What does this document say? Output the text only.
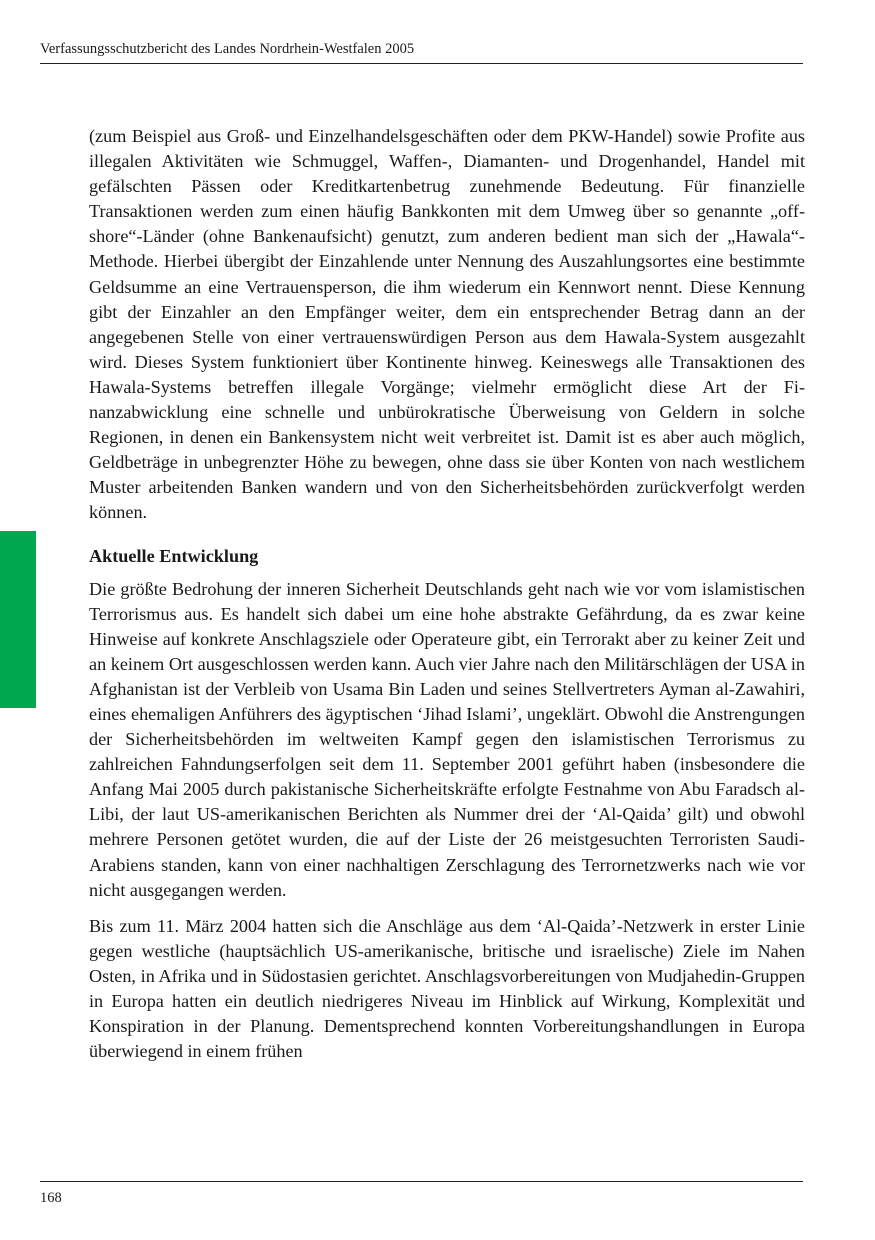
Verfassungsschutzbericht des Landes Nordrhein-Westfalen 2005

(zum Beispiel aus Groß- und Einzelhandelsgeschäften oder dem PKW-Handel) sowie Profite aus illegalen Aktivitäten wie Schmuggel, Waffen-, Diamanten- und Drogenhandel, Handel mit gefälschten Pässen oder Kreditkartenbetrug zunehmende Bedeutung. Für finanzielle Transaktionen werden zum einen häufig Bankkonten mit dem Umweg über so genannte „off-shore“-Länder (ohne Bankenaufsicht) genutzt, zum anderen bedient man sich der „Hawala“-Methode. Hierbei übergibt der Einzahlende unter Nennung des Auszahlungsortes eine bestimmte Geldsumme an eine Vertrauensperson, die ihm wiederum ein Kennwort nennt. Diese Kennung gibt der Einzahler an den Empfänger weiter, dem ein entsprechender Betrag dann an der angegebenen Stelle von einer vertrauenswürdigen Person aus dem Hawala-System ausgezahlt wird. Dieses System funktioniert über Kontinente hinweg. Keineswegs alle Transaktionen des Hawala-Systems betreffen illegale Vorgänge; vielmehr ermöglicht diese Art der Finanzabwicklung eine schnelle und unbürokratische Überweisung von Geldern in solche Regionen, in denen ein Bankensystem nicht weit verbreitet ist. Damit ist es aber auch möglich, Geldbeträge in unbegrenzter Höhe zu bewegen, ohne dass sie über Konten von nach westlichem Muster arbeitenden Banken wandern und von den Sicherheitsbehörden zurückverfolgt werden können.

Aktuelle Entwicklung

Die größte Bedrohung der inneren Sicherheit Deutschlands geht nach wie vor vom islamistischen Terrorismus aus. Es handelt sich dabei um eine hohe abstrakte Gefährdung, da es zwar keine Hinweise auf konkrete Anschlagsziele oder Operateure gibt, ein Terrorakt aber zu keiner Zeit und an keinem Ort ausgeschlossen werden kann. Auch vier Jahre nach den Militärschlägen der USA in Afghanistan ist der Verbleib von Usama Bin Laden und seines Stellvertreters Ayman al-Zawahiri, eines ehemaligen Anführers des ägyptischen ‘Jihad Islami’, ungeklärt. Obwohl die Anstrengungen der Sicherheitsbehörden im weltweiten Kampf gegen den islamistischen Terrorismus zu zahlreichen Fahndungserfolgen seit dem 11. September 2001 geführt haben (insbesondere die Anfang Mai 2005 durch pakistanische Sicherheitskräfte erfolgte Festnahme von Abu Faradsch al-Libi, der laut US-amerikanischen Berichten als Nummer drei der ‘Al-Qaida’ gilt) und obwohl mehrere Personen getötet wurden, die auf der Liste der 26 meistgesuchten Terroristen Saudi-Arabiens standen, kann von einer nachhaltigen Zerschlagung des Terrornetzwerks nach wie vor nicht ausgegangen werden.

Bis zum 11. März 2004 hatten sich die Anschläge aus dem ‘Al-Qaida’-Netzwerk in erster Linie gegen westliche (hauptsächlich US-amerikanische, britische und israelische) Ziele im Nahen Osten, in Afrika und in Südostasien gerichtet. Anschlagsvorbereitungen von Mudjahedin-Gruppen in Europa hatten ein deutlich niedrigeres Niveau im Hinblick auf Wirkung, Komplexität und Konspiration in der Planung. Dementsprechend konnten Vorbereitungshandlungen in Europa überwiegend in einem frühen

168
